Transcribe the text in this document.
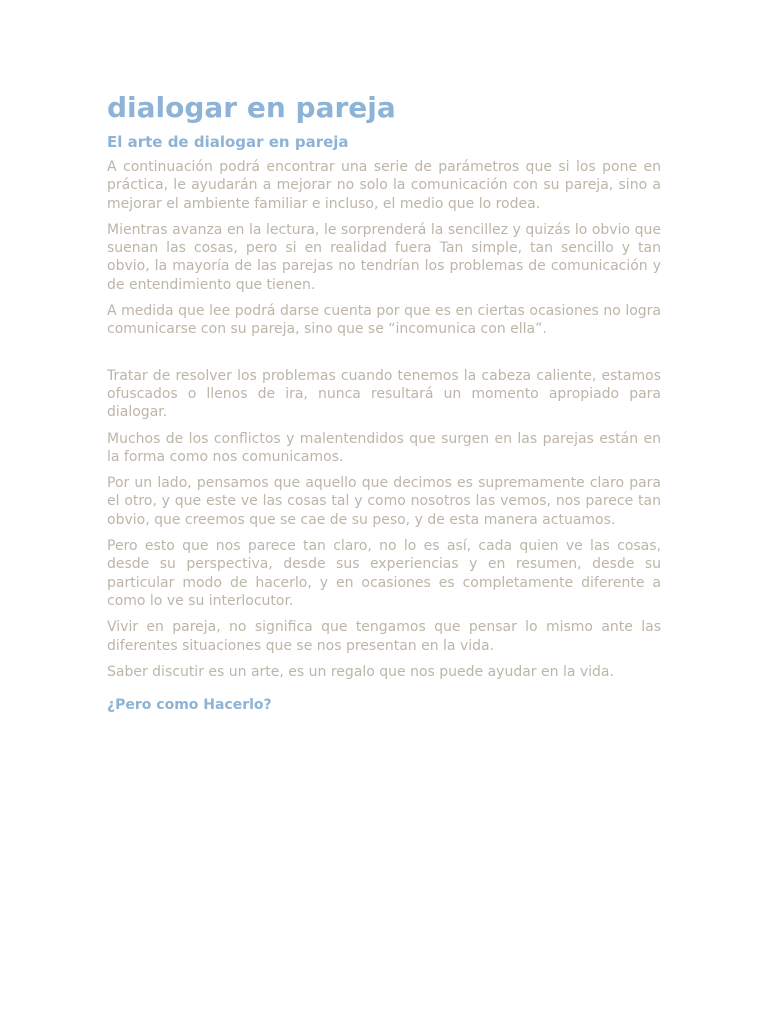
dialogar en pareja
El arte de dialogar en pareja

A continuación podrá encontrar una serie de parámetros que si los pone en práctica, le ayudarán a mejorar no solo la comunicación con su pareja, sino a mejorar el ambiente familiar e incluso, el medio que lo rodea.

Mientras avanza en la lectura, le sorprenderá la sencillez y quizás lo obvio que suenan las cosas, pero si en realidad fuera Tan simple, tan sencillo y tan obvio, la mayoría de las parejas no tendrían los problemas de comunicación y de entendimiento que tienen.

A medida que lee podrá darse cuenta por que es en ciertas ocasiones no logra comunicarse con su pareja, sino que se “incomunica con ella”.

Tratar de resolver los problemas cuando tenemos la cabeza caliente, estamos ofuscados o llenos de ira, nunca resultará un momento apropiado para dialogar.

Muchos de los conflictos y malentendidos que surgen en las parejas están en la forma como nos comunicamos.

Por un lado, pensamos que aquello que decimos es supremamente claro para el otro, y que este ve las cosas tal y como nosotros las vemos, nos parece tan obvio, que creemos que se cae de su peso, y de esta manera actuamos.

Pero esto que nos parece tan claro, no lo es así, cada quien ve las cosas, desde su perspectiva, desde sus experiencias y en resumen, desde su particular modo de hacerlo, y en ocasiones es completamente diferente a como lo ve su interlocutor.

Vivir en pareja, no significa que tengamos que pensar lo mismo ante las diferentes situaciones que se nos presentan en la vida.

Saber discutir es un arte, es un regalo que nos puede ayudar en la vida.

¿Pero como Hacerlo?
